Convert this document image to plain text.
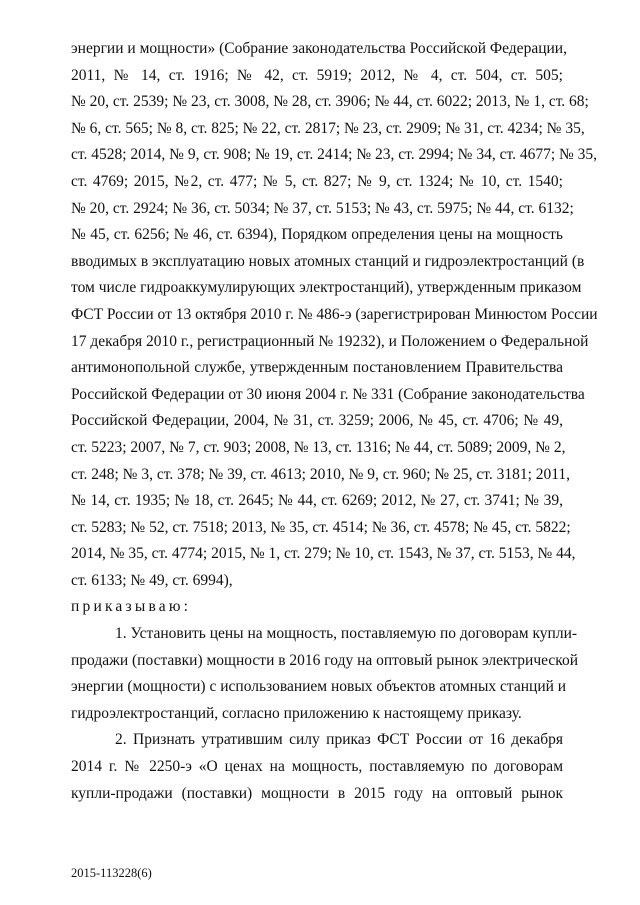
энергии и мощности» (Собрание законодательства Российской Федерации,
2011, № 14, ст. 1916; № 42, ст. 5919; 2012, № 4, ст. 504, ст. 505;
№ 20, ст. 2539; № 23, ст. 3008, № 28, ст. 3906; № 44, ст. 6022; 2013, № 1, ст. 68;
№ 6, ст. 565; № 8, ст. 825; № 22, ст. 2817; № 23, ст. 2909; № 31, ст. 4234; № 35,
ст. 4528; 2014, № 9, ст. 908; № 19, ст. 2414; № 23, ст. 2994; № 34, ст. 4677; № 35,
ст. 4769; 2015, №2, ст. 477; № 5, ст. 827; № 9, ст. 1324; № 10, ст. 1540;
№ 20, ст. 2924; № 36, ст. 5034; № 37, ст. 5153; № 43, ст. 5975; № 44, ст. 6132;
№ 45, ст. 6256; № 46, ст. 6394), Порядком определения цены на мощность
вводимых в эксплуатацию новых атомных станций и гидроэлектростанций (в
том числе гидроаккумулирующих электростанций), утвержденным приказом
ФСТ России от 13 октября 2010 г. № 486-э (зарегистрирован Минюстом России
17 декабря 2010 г., регистрационный № 19232), и Положением о Федеральной
антимонопольной службе, утвержденным постановлением Правительства
Российской Федерации от 30 июня 2004 г. № 331 (Собрание законодательства
Российской Федерации, 2004, № 31, ст. 3259; 2006, № 45, ст. 4706; № 49,
ст. 5223; 2007, № 7, ст. 903; 2008, № 13, ст. 1316; № 44, ст. 5089; 2009, № 2,
ст. 248; № 3, ст. 378; № 39, ст. 4613; 2010, № 9, ст. 960; № 25, ст. 3181; 2011,
№ 14, ст. 1935; № 18, ст. 2645; № 44, ст. 6269; 2012, № 27, ст. 3741; № 39,
ст. 5283; № 52, ст. 7518; 2013, № 35, ст. 4514; № 36, ст. 4578; № 45, ст. 5822;
2014, № 35, ст. 4774; 2015, № 1, ст. 279; № 10, ст. 1543, № 37, ст. 5153, № 44,
ст. 6133; № 49, ст. 6994),
приказываю:
1. Установить цены на мощность, поставляемую по договорам купли-
продажи (поставки) мощности в 2016 году на оптовый рынок электрической
энергии (мощности) с использованием новых объектов атомных станций и
гидроэлектростанций, согласно приложению к настоящему приказу.
2. Признать утратившим силу приказ ФСТ России от 16 декабря
2014 г. № 2250-э «О ценах на мощность, поставляемую по договорам
купли-продажи (поставки) мощности в 2015 году на оптовый рынок
2015-113228(6)
